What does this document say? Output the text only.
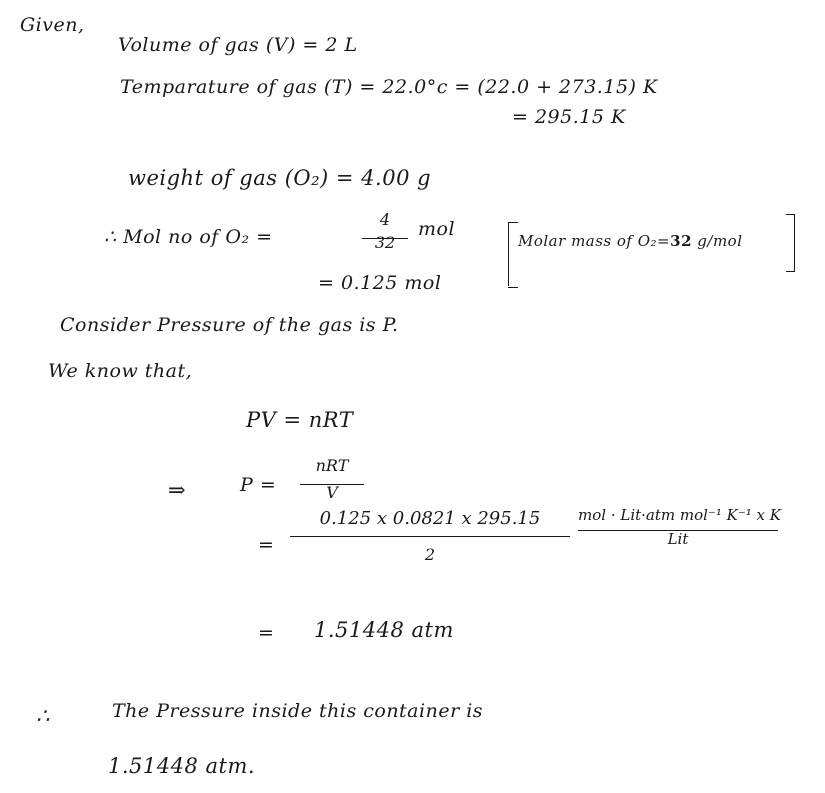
Given,
Volume of gas (V) = 2 L
Temparature of gas (T) = 22.0°c = (22.0 + 273.15) K
= 295.15 K
weight of gas (O₂) = 4.00 g
∴ Mol no of O₂ =
4
32
mol
= 0.125 mol
Molar mass of O₂=32 g/mol
Consider Pressure of the gas is P.
We know that,
PV = nRT
⇒	P =
nRT
V
=
0.125 x 0.0821 x 295.15
2
mol · Lit·atm mol⁻¹ K⁻¹ x K
Lit
= 1.51448 atm
∴	The Pressure inside this container is
1.51448 atm.
